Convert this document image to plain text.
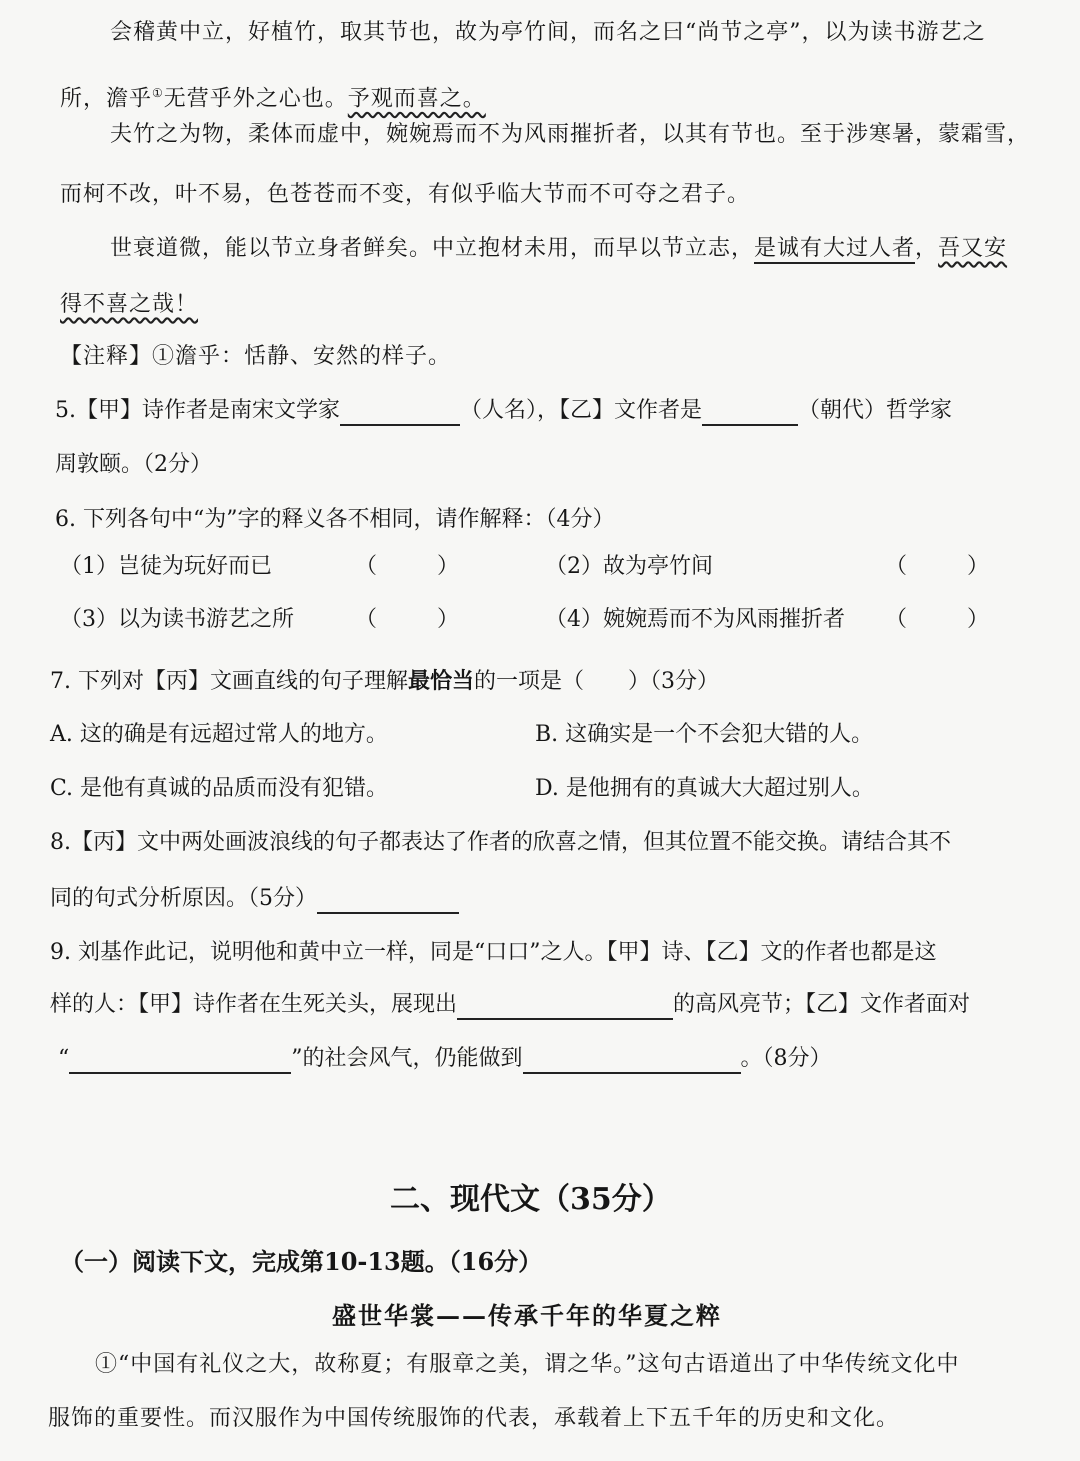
会稽黄中立，好植竹，取其节也，故为亭竹间，而名之曰“尚节之亭”，以为读书游艺之
所，澹乎①无营乎外之心也。予观而喜之。
夫竹之为物，柔体而虚中，婉婉焉而不为风雨摧折者，以其有节也。至于涉寒暑，蒙霜雪，
而柯不改，叶不易，色苍苍而不变，有似乎临大节而不可夺之君子。
世衰道微，能以节立身者鲜矣。中立抱材未用，而早以节立志，是诚有大过人者，吾又安
得不喜之哉！
【注释】①澹乎：恬静、安然的样子。
5.【甲】诗作者是南宋文学家	（人名），【乙】文作者是	（朝代）哲学家
周敦颐。（2分）
6. 下列各句中“为”字的释义各不相同，请作解释：（4分）
（1）岂徒为玩好而已	（	）	（2）故为亭竹间	（	）
（3）以为读书游艺之所	（	）	（4）婉婉焉而不为风雨摧折者 （	）
7. 下列对【丙】文画直线的句子理解最恰当的一项是（　　）（3分）
A. 这的确是有远超过常人的地方。	B. 这确实是一个不会犯大错的人。
C. 是他有真诚的品质而没有犯错。	D. 是他拥有的真诚大大超过别人。
8.【丙】文中两处画波浪线的句子都表达了作者的欣喜之情，但其位置不能交换。请结合其不
同的句式分析原因。（5分）
9. 刘基作此记，说明他和黄中立一样，同是“口口”之人。【甲】诗、【乙】文的作者也都是这
样的人：【甲】诗作者在生死关头，展现出	的高风亮节；【乙】文作者面对
“	”的社会风气，仍能做到	。（8分）
二、现代文（35分）
（一）阅读下文，完成第10-13题。（16分）
盛世华裳——传承千年的华夏之粹
①“中国有礼仪之大，故称夏；有服章之美，谓之华。”这句古语道出了中华传统文化中
服饰的重要性。而汉服作为中国传统服饰的代表，承载着上下五千年的历史和文化。
